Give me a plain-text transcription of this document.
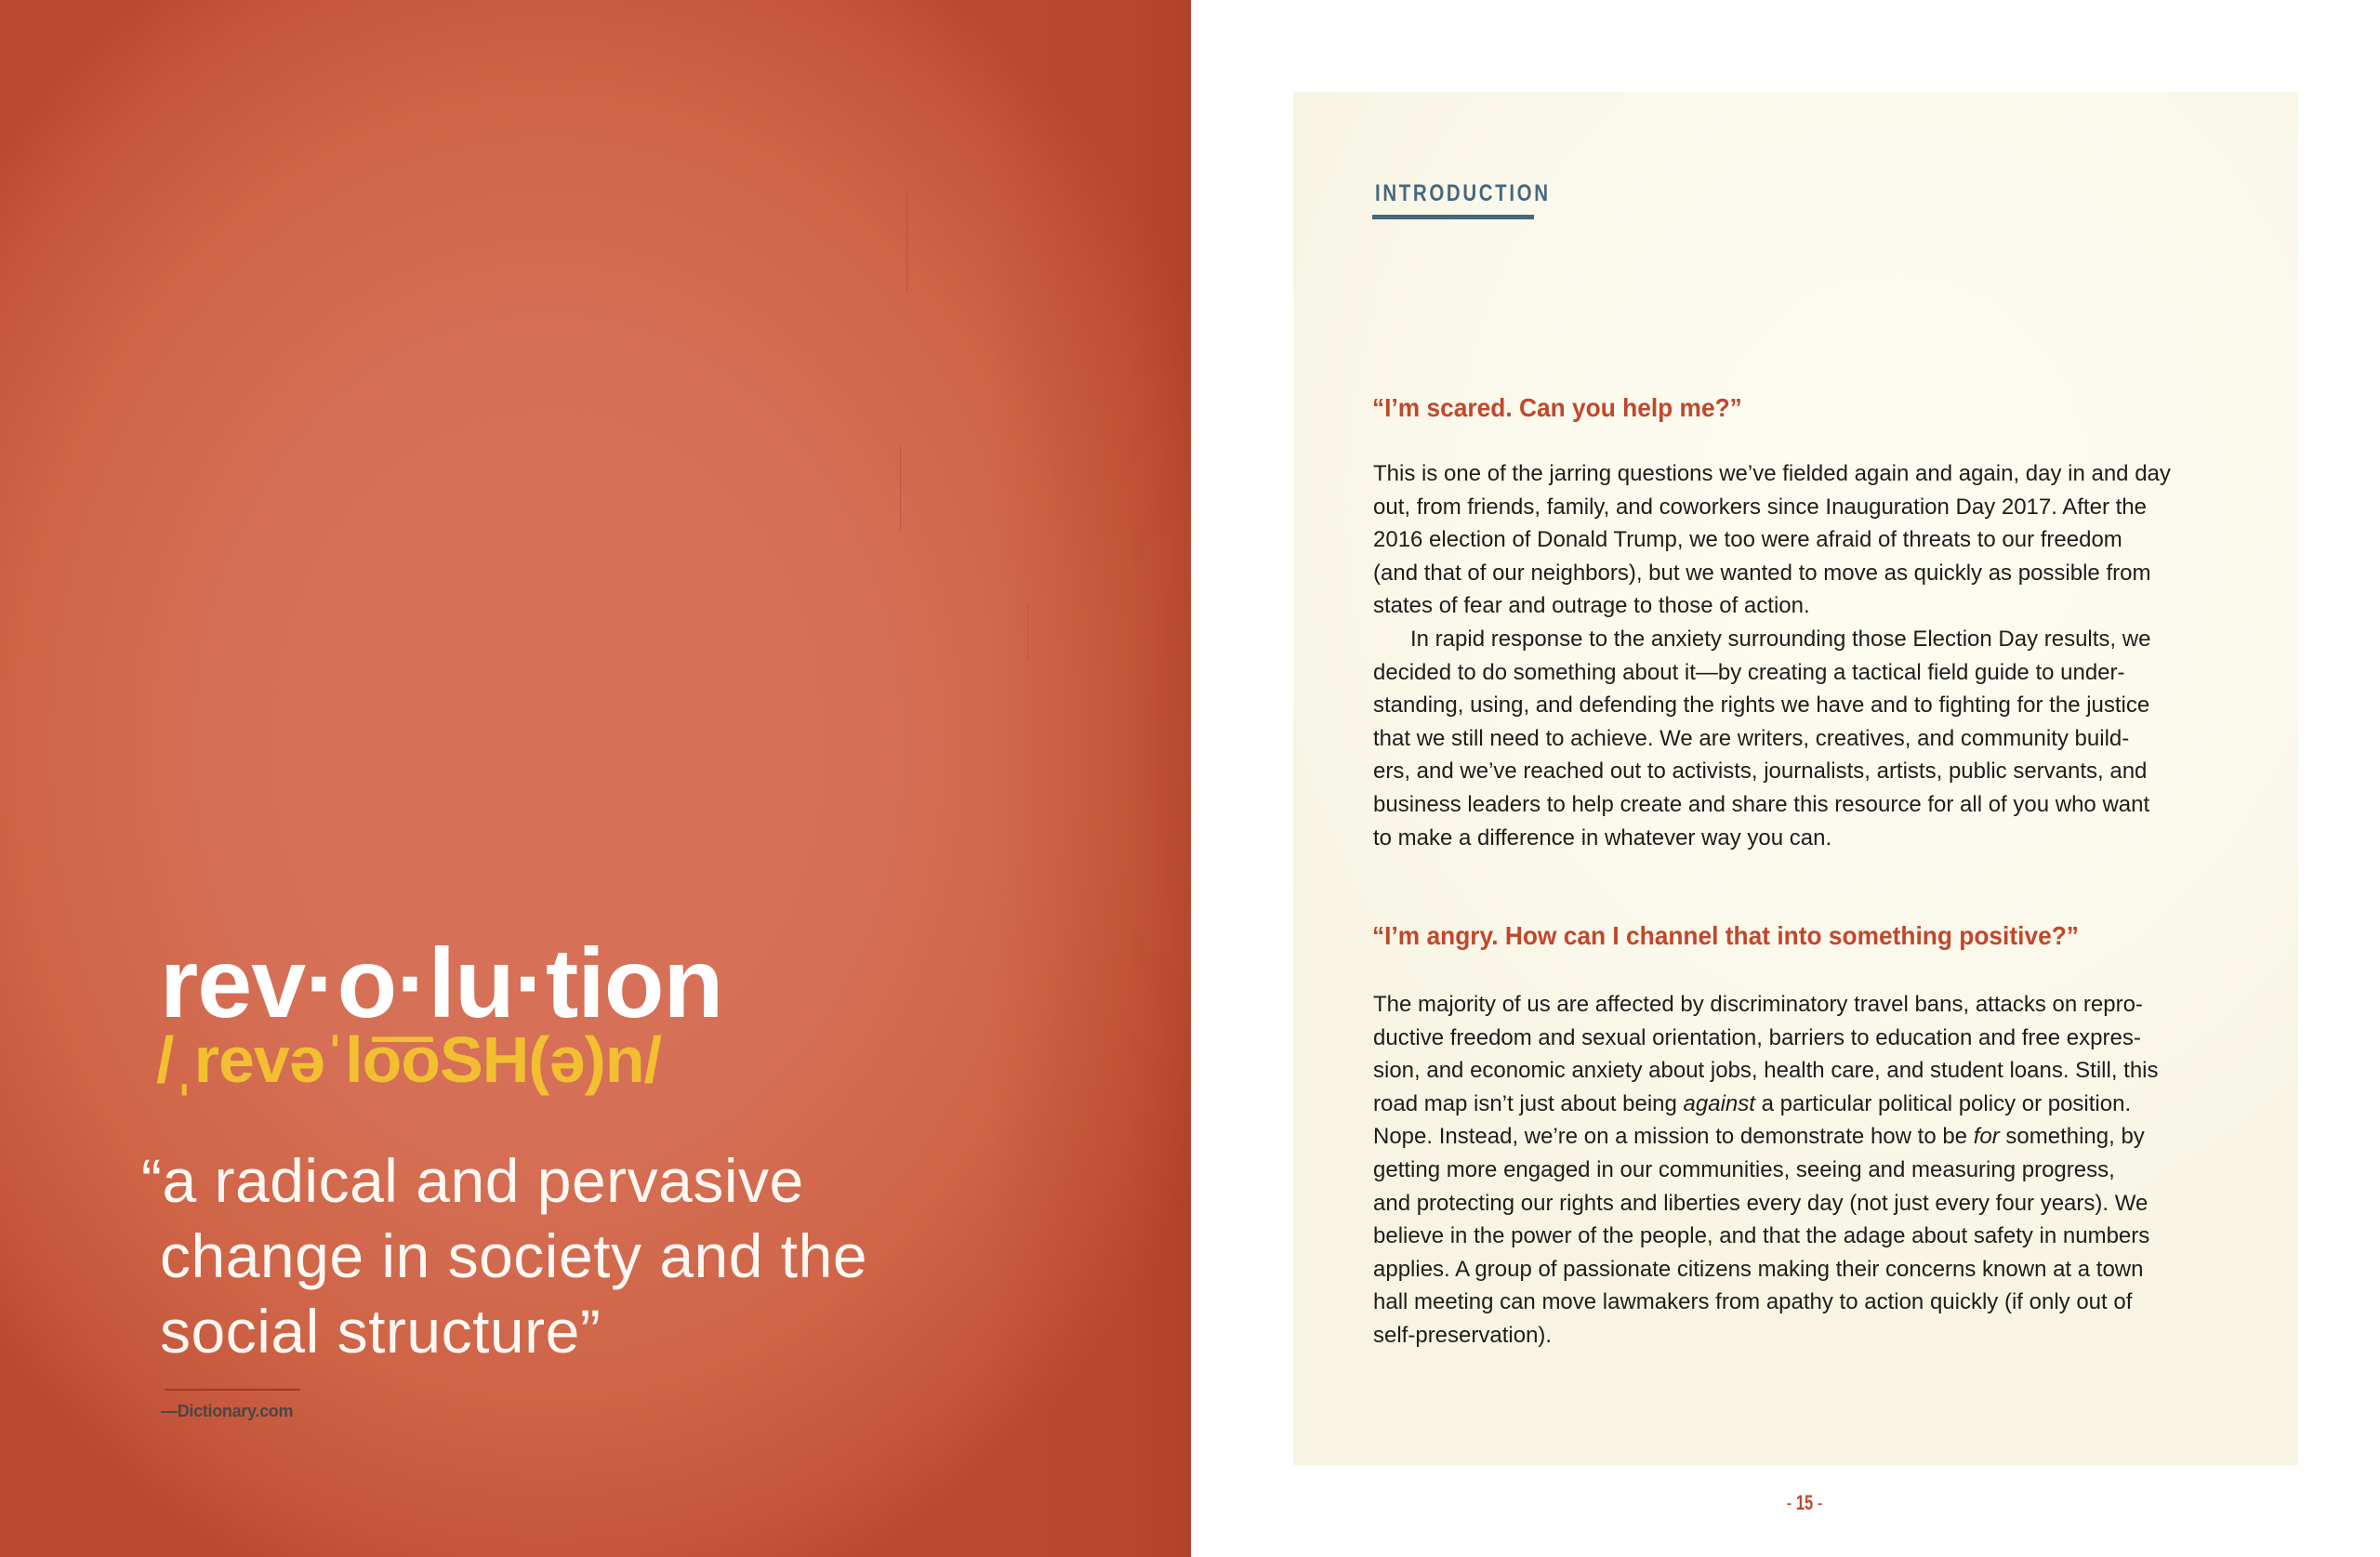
rev·o·lu·tion
/ˌrevəˈlo͞oSH(ə)n/
“a radical and pervasive
change in society and the
social structure”
—Dictionary.com
INTRODUCTION
“I’m scared. Can you help me?”
This is one of the jarring questions we’ve fielded again and again, day in and day
out, from friends, family, and coworkers since Inauguration Day 2017. After the
2016 election of Donald Trump, we too were afraid of threats to our freedom
(and that of our neighbors), but we wanted to move as quickly as possible from
states of fear and outrage to those of action.
In rapid response to the anxiety surrounding those Election Day results, we
decided to do something about it—by creating a tactical field guide to under-
standing, using, and defending the rights we have and to fighting for the justice
that we still need to achieve. We are writers, creatives, and community build-
ers, and we’ve reached out to activists, journalists, artists, public servants, and
business leaders to help create and share this resource for all of you who want
to make a difference in whatever way you can.
“I’m angry. How can I channel that into something positive?”
The majority of us are affected by discriminatory travel bans, attacks on repro-
ductive freedom and sexual orientation, barriers to education and free expres-
sion, and economic anxiety about jobs, health care, and student loans. Still, this
road map isn’t just about being against a particular political policy or position.
Nope. Instead, we’re on a mission to demonstrate how to be for something, by
getting more engaged in our communities, seeing and measuring progress,
and protecting our rights and liberties every day (not just every four years). We
believe in the power of the people, and that the adage about safety in numbers
applies. A group of passionate citizens making their concerns known at a town
hall meeting can move lawmakers from apathy to action quickly (if only out of
self-preservation).
- 15 -
